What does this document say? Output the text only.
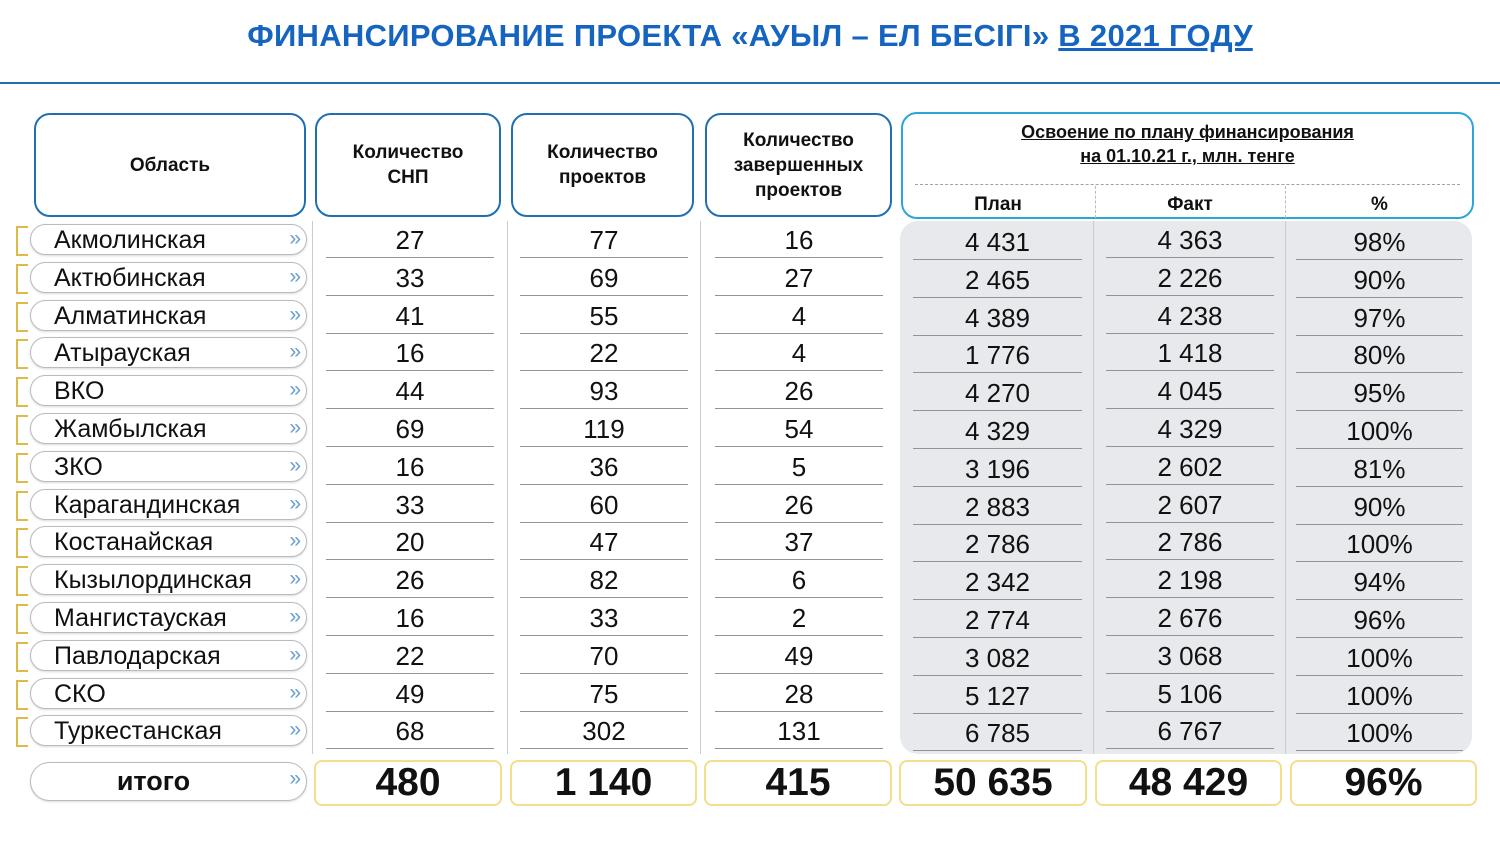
ФИНАНСИРОВАНИЕ ПРОЕКТА «АУЫЛ – ЕЛ БЕСІГІ» В 2021 ГОДУ
Область
Количество
СНП
Количество
проектов
Количество
завершенных
проектов
Освоение по плану финансирования
на 01.10.21 г., млн. тенге
План	Факт	%
Акмолинская	»	27	77	16	4 431	4 363	98%
Актюбинская	»	33	69	27	2 465	2 226	90%
Алматинская	»	41	55	4	4 389	4 238	97%
Атырауская	»	16	22	4	1 776	1 418	80%
ВКО	»	44	93	26	4 270	4 045	95%
Жамбылская	»	69	119	54	4 329	4 329	100%
ЗКО	»	16	36	5	3 196	2 602	81%
Карагандинская »	33	60	26	2 883	2 607	90%
Костанайская	»	20	47	37	2 786	2 786	100%
Кызылординская »	26	82	6	2 342	2 198	94%
Мангистауская	»	16	33	2	2 774	2 676	96%
Павлодарская	»	22	70	49	3 082	3 068	100%
СКО	»	49	75	28	5 127	5 106	100%
Туркестанская	»	68	302	131	6 785	6 767	100%
итого	»	480	1 140	415	50 635	48 429	96%
